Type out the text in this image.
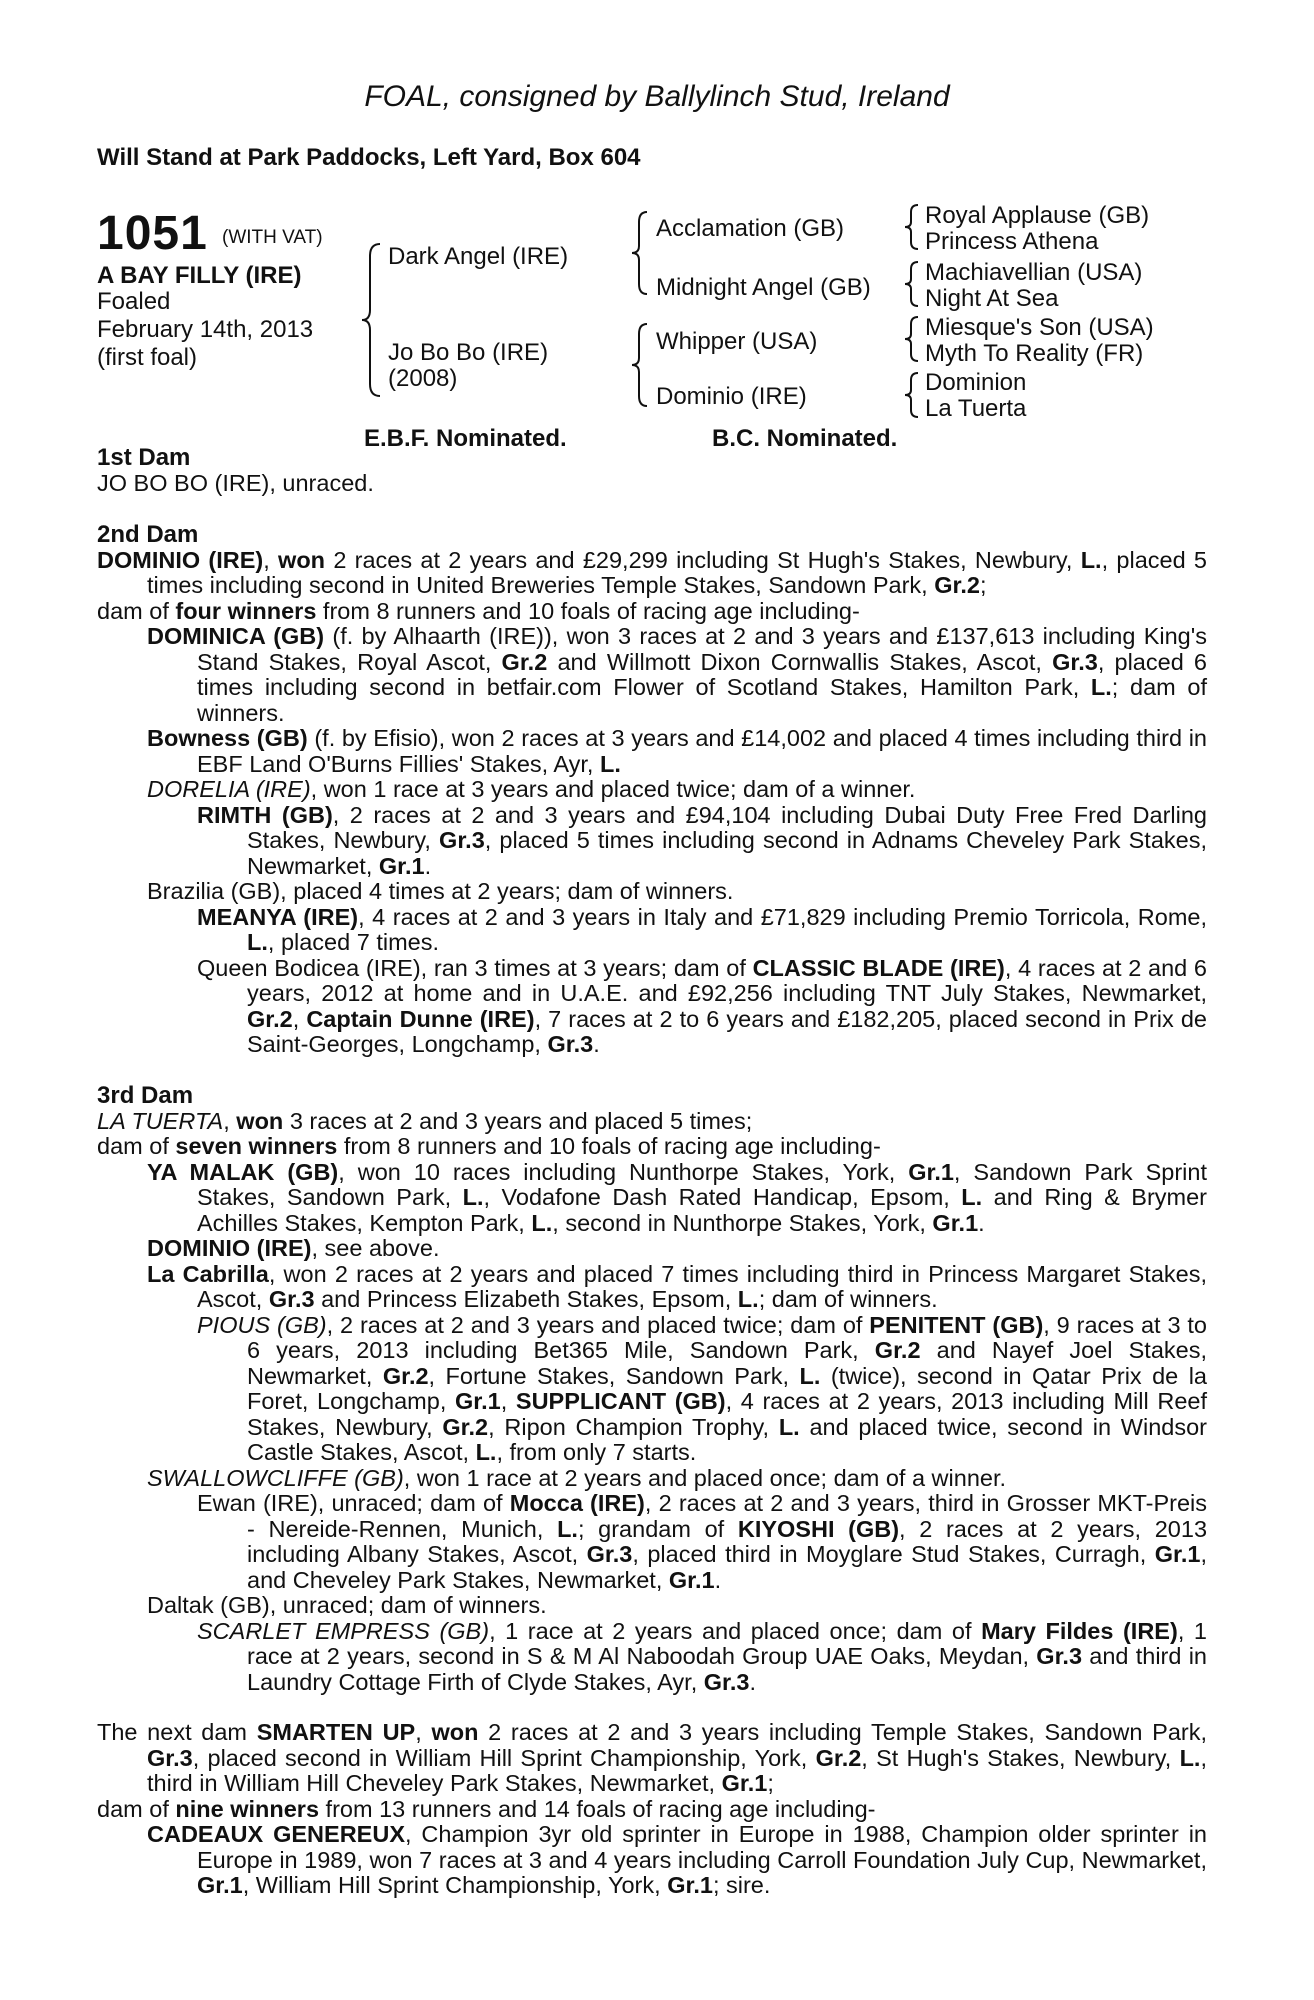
FOAL, consigned by Ballylinch Stud, Ireland
Will Stand at Park Paddocks, Left Yard, Box 604
1051 (WITH VAT)
A BAY FILLY (IRE)
Foaled
February 14th, 2013
(first foal)
Dark Angel (IRE)
Jo Bo Bo (IRE)
(2008)
Acclamation (GB)
Midnight Angel (GB)
Whipper (USA)
Dominio (IRE)
Royal Applause (GB)
Princess Athena
Machiavellian (USA)
Night At Sea
Miesque's Son (USA)
Myth To Reality (FR)
Dominion
La Tuerta
E.B.F. Nominated.	B.C. Nominated.
1st Dam
JO BO BO (IRE), unraced.
2nd Dam
DOMINIO (IRE), won 2 races at 2 years and £29,299 including St Hugh's Stakes, Newbury, L., placed 5 times including second in United Breweries Temple Stakes, Sandown Park, Gr.2;
dam of four winners from 8 runners and 10 foals of racing age including-
DOMINICA (GB) (f. by Alhaarth (IRE)), won 3 races at 2 and 3 years and £137,613 including King's Stand Stakes, Royal Ascot, Gr.2 and Willmott Dixon Cornwallis Stakes, Ascot, Gr.3, placed 6 times including second in betfair.com Flower of Scotland Stakes, Hamilton Park, L.; dam of winners.
Bowness (GB) (f. by Efisio), won 2 races at 3 years and £14,002 and placed 4 times including third in EBF Land O'Burns Fillies' Stakes, Ayr, L.
DORELIA (IRE), won 1 race at 3 years and placed twice; dam of a winner.
RIMTH (GB), 2 races at 2 and 3 years and £94,104 including Dubai Duty Free Fred Darling Stakes, Newbury, Gr.3, placed 5 times including second in Adnams Cheveley Park Stakes, Newmarket, Gr.1.
Brazilia (GB), placed 4 times at 2 years; dam of winners.
MEANYA (IRE), 4 races at 2 and 3 years in Italy and £71,829 including Premio Torricola, Rome, L., placed 7 times.
Queen Bodicea (IRE), ran 3 times at 3 years; dam of CLASSIC BLADE (IRE), 4 races at 2 and 6 years, 2012 at home and in U.A.E. and £92,256 including TNT July Stakes, Newmarket, Gr.2, Captain Dunne (IRE), 7 races at 2 to 6 years and £182,205, placed second in Prix de Saint-Georges, Longchamp, Gr.3.
3rd Dam
LA TUERTA, won 3 races at 2 and 3 years and placed 5 times;
dam of seven winners from 8 runners and 10 foals of racing age including-
YA MALAK (GB), won 10 races including Nunthorpe Stakes, York, Gr.1, Sandown Park Sprint Stakes, Sandown Park, L., Vodafone Dash Rated Handicap, Epsom, L. and Ring & Brymer Achilles Stakes, Kempton Park, L., second in Nunthorpe Stakes, York, Gr.1.
DOMINIO (IRE), see above.
La Cabrilla, won 2 races at 2 years and placed 7 times including third in Princess Margaret Stakes, Ascot, Gr.3 and Princess Elizabeth Stakes, Epsom, L.; dam of winners.
PIOUS (GB), 2 races at 2 and 3 years and placed twice; dam of PENITENT (GB), 9 races at 3 to 6 years, 2013 including Bet365 Mile, Sandown Park, Gr.2 and Nayef Joel Stakes, Newmarket, Gr.2, Fortune Stakes, Sandown Park, L. (twice), second in Qatar Prix de la Foret, Longchamp, Gr.1, SUPPLICANT (GB), 4 races at 2 years, 2013 including Mill Reef Stakes, Newbury, Gr.2, Ripon Champion Trophy, L. and placed twice, second in Windsor Castle Stakes, Ascot, L., from only 7 starts.
SWALLOWCLIFFE (GB), won 1 race at 2 years and placed once; dam of a winner.
Ewan (IRE), unraced; dam of Mocca (IRE), 2 races at 2 and 3 years, third in Grosser MKT-Preis - Nereide-Rennen, Munich, L.; grandam of KIYOSHI (GB), 2 races at 2 years, 2013 including Albany Stakes, Ascot, Gr.3, placed third in Moyglare Stud Stakes, Curragh, Gr.1, and Cheveley Park Stakes, Newmarket, Gr.1.
Daltak (GB), unraced; dam of winners.
SCARLET EMPRESS (GB), 1 race at 2 years and placed once; dam of Mary Fildes (IRE), 1 race at 2 years, second in S & M Al Naboodah Group UAE Oaks, Meydan, Gr.3 and third in Laundry Cottage Firth of Clyde Stakes, Ayr, Gr.3.
The next dam SMARTEN UP, won 2 races at 2 and 3 years including Temple Stakes, Sandown Park, Gr.3, placed second in William Hill Sprint Championship, York, Gr.2, St Hugh's Stakes, Newbury, L., third in William Hill Cheveley Park Stakes, Newmarket, Gr.1;
dam of nine winners from 13 runners and 14 foals of racing age including-
CADEAUX GENEREUX, Champion 3yr old sprinter in Europe in 1988, Champion older sprinter in Europe in 1989, won 7 races at 3 and 4 years including Carroll Foundation July Cup, Newmarket, Gr.1, William Hill Sprint Championship, York, Gr.1; sire.
